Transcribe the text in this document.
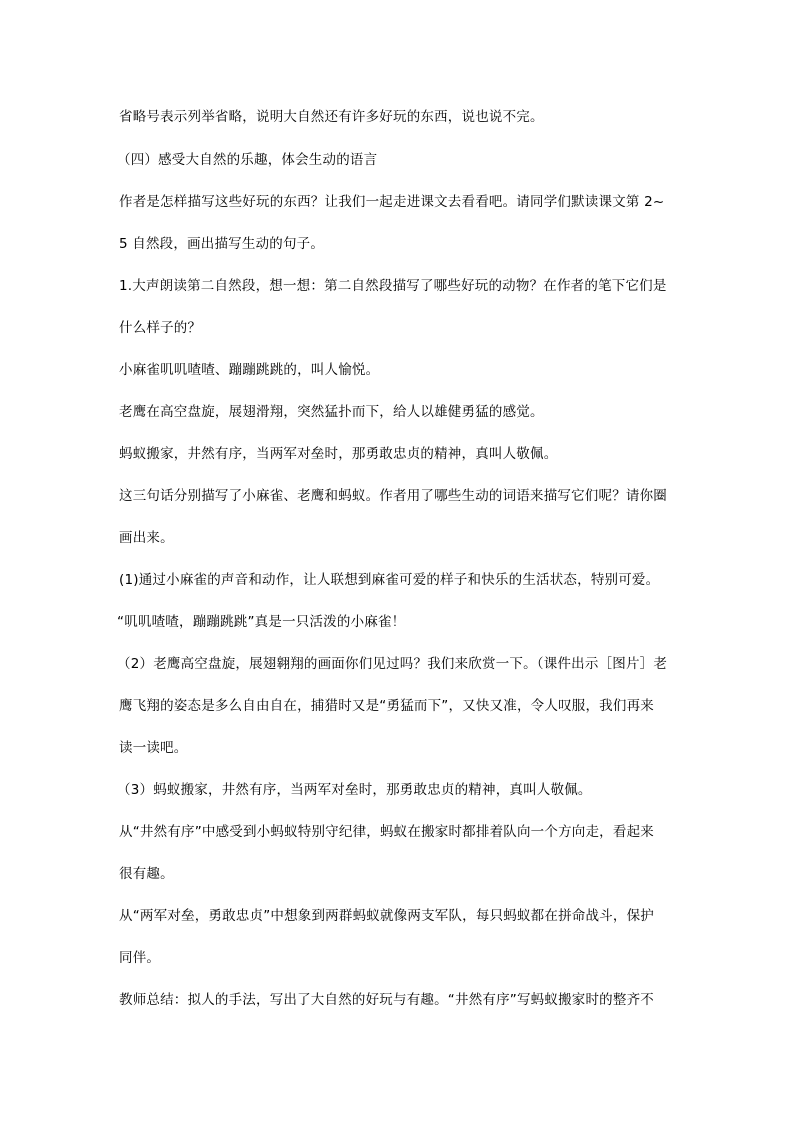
省略号表示列举省略，说明大自然还有许多好玩的东西，说也说不完。
（四）感受大自然的乐趣，体会生动的语言
作者是怎样描写这些好玩的东西？让我们一起走进课文去看看吧。请同学们默读课文第 2~
5 自然段，画出描写生动的句子。
1.大声朗读第二自然段，想一想：第二自然段描写了哪些好玩的动物？在作者的笔下它们是
什么样子的？
小麻雀叽叽喳喳、蹦蹦跳跳的，叫人愉悦。
老鹰在高空盘旋，展翅滑翔，突然猛扑而下，给人以雄健勇猛的感觉。
蚂蚁搬家，井然有序，当两军对垒时，那勇敢忠贞的精神，真叫人敬佩。
这三句话分别描写了小麻雀、老鹰和蚂蚁。作者用了哪些生动的词语来描写它们呢？请你圈
画出来。
(1)通过小麻雀的声音和动作，让人联想到麻雀可爱的样子和快乐的生活状态，特别可爱。
“叽叽喳喳，蹦蹦跳跳”真是一只活泼的小麻雀！
（2）老鹰高空盘旋，展翅翱翔的画面你们见过吗？我们来欣赏一下。（课件出示［图片］老
鹰飞翔的姿态是多么自由自在，捕猎时又是“勇猛而下”，又快又准，令人叹服，我们再来
读一读吧。
（3）蚂蚁搬家，井然有序，当两军对垒时，那勇敢忠贞的精神，真叫人敬佩。
从“井然有序”中感受到小蚂蚁特别守纪律，蚂蚁在搬家时都排着队向一个方向走，看起来
很有趣。
从“两军对垒，勇敢忠贞”中想象到两群蚂蚁就像两支军队，每只蚂蚁都在拼命战斗，保护
同伴。
教师总结：拟人的手法，写出了大自然的好玩与有趣。“井然有序”写蚂蚁搬家时的整齐不
